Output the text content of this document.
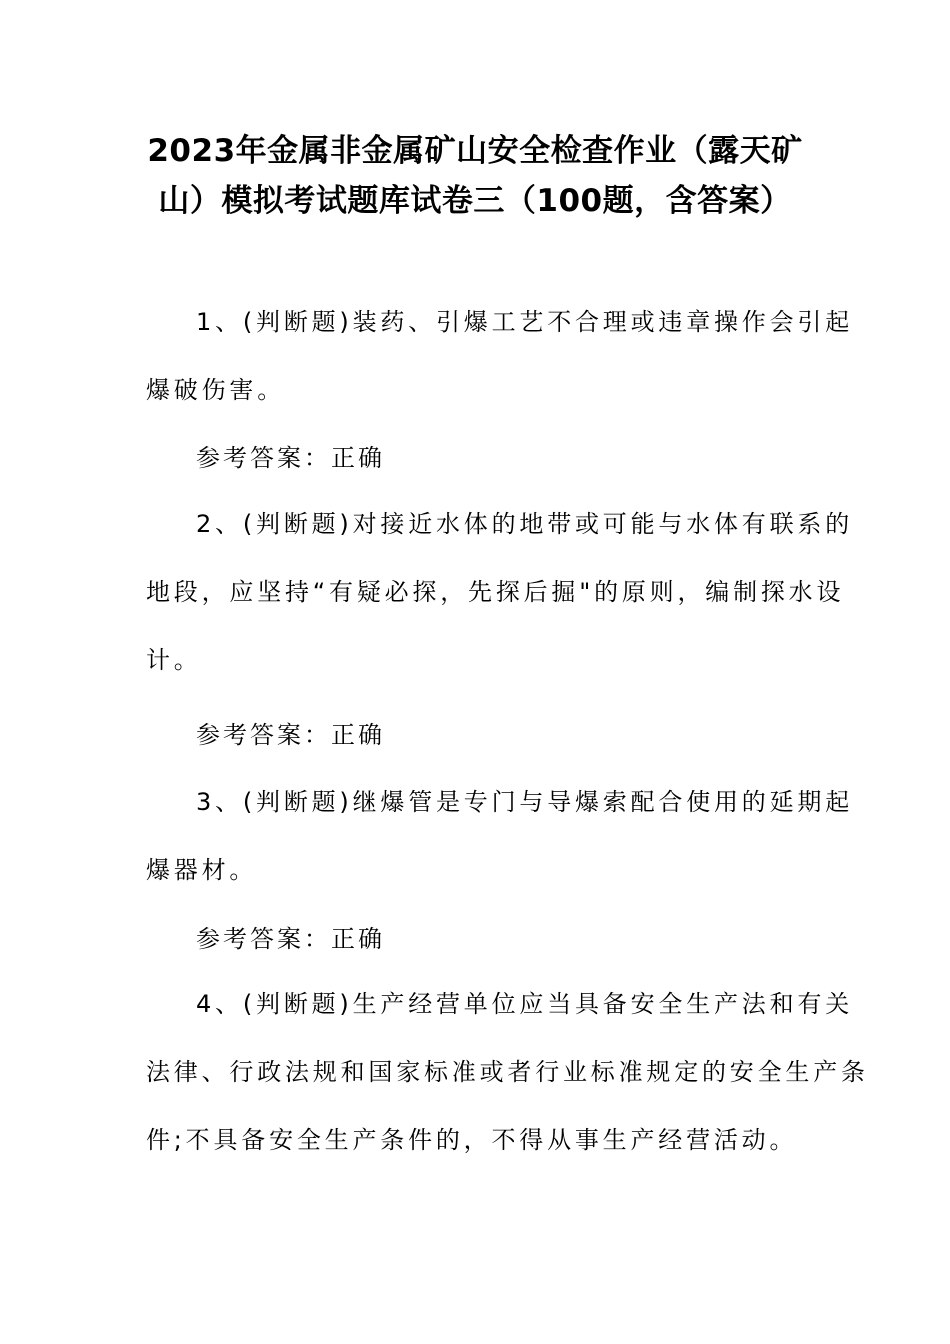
2023年金属非金属矿山安全检查作业（露天矿
山）模拟考试题库试卷三（100题，含答案）

1、(判断题)装药、引爆工艺不合理或违章操作会引起
爆破伤害。

参考答案：正确

2、(判断题)对接近水体的地带或可能与水体有联系的
地段，应坚持“有疑必探，先探后掘"的原则，编制探水设
计。

参考答案：正确

3、(判断题)继爆管是专门与导爆索配合使用的延期起
爆器材。

参考答案：正确

4、(判断题)生产经营单位应当具备安全生产法和有关
法律、行政法规和国家标准或者行业标准规定的安全生产条
件;不具备安全生产条件的，不得从事生产经营活动。
